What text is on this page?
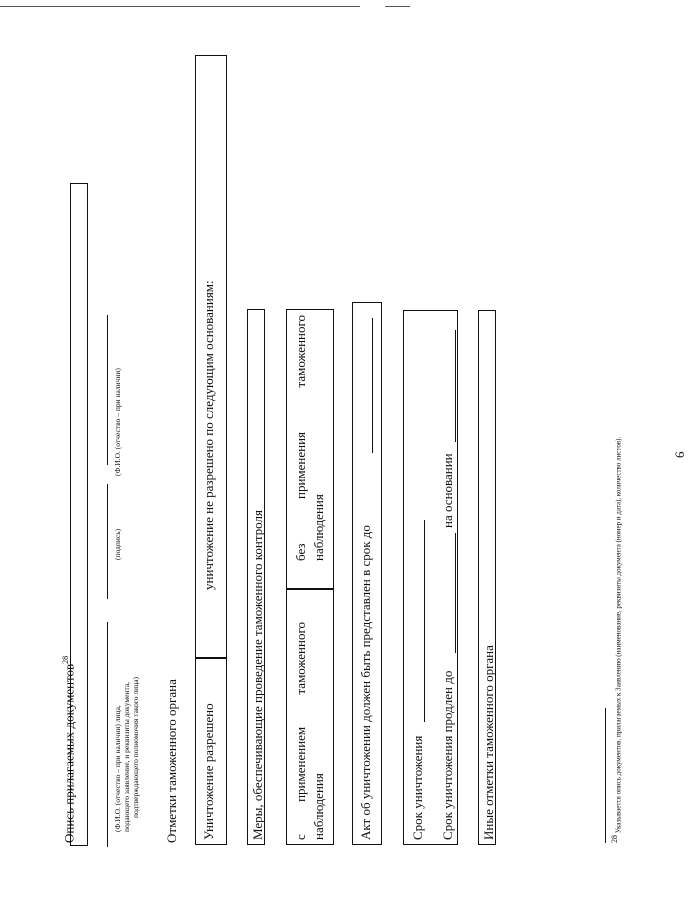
6
Опись прилагаемых документов$^{28}$
(Ф.И.О. (отчество – при наличии) лица, подающего заявление, и реквизиты документа, подтверждающего полномочия такого лица)
(подпись)
(Ф.И.О. (отчество – при наличии)
Отметки таможенного органа Уничтожение разрешено
уничтожение не разрешено по следующим основаниям:
Меры, обеспечивающие проведение таможенного контроля с
применением
таможенного
наблюдения
без
применения
таможенного
наблюдения Акт об уничтожении должен быть представлен в срок до	Срок уничтожения Срок уничтожения продлен до
на основании
Иные отметки таможенного органа	$^{28}$ Указывается опись документов, прилагаемых к Заявлению (наименование, реквизиты документа (номер и дата), количество листов).
